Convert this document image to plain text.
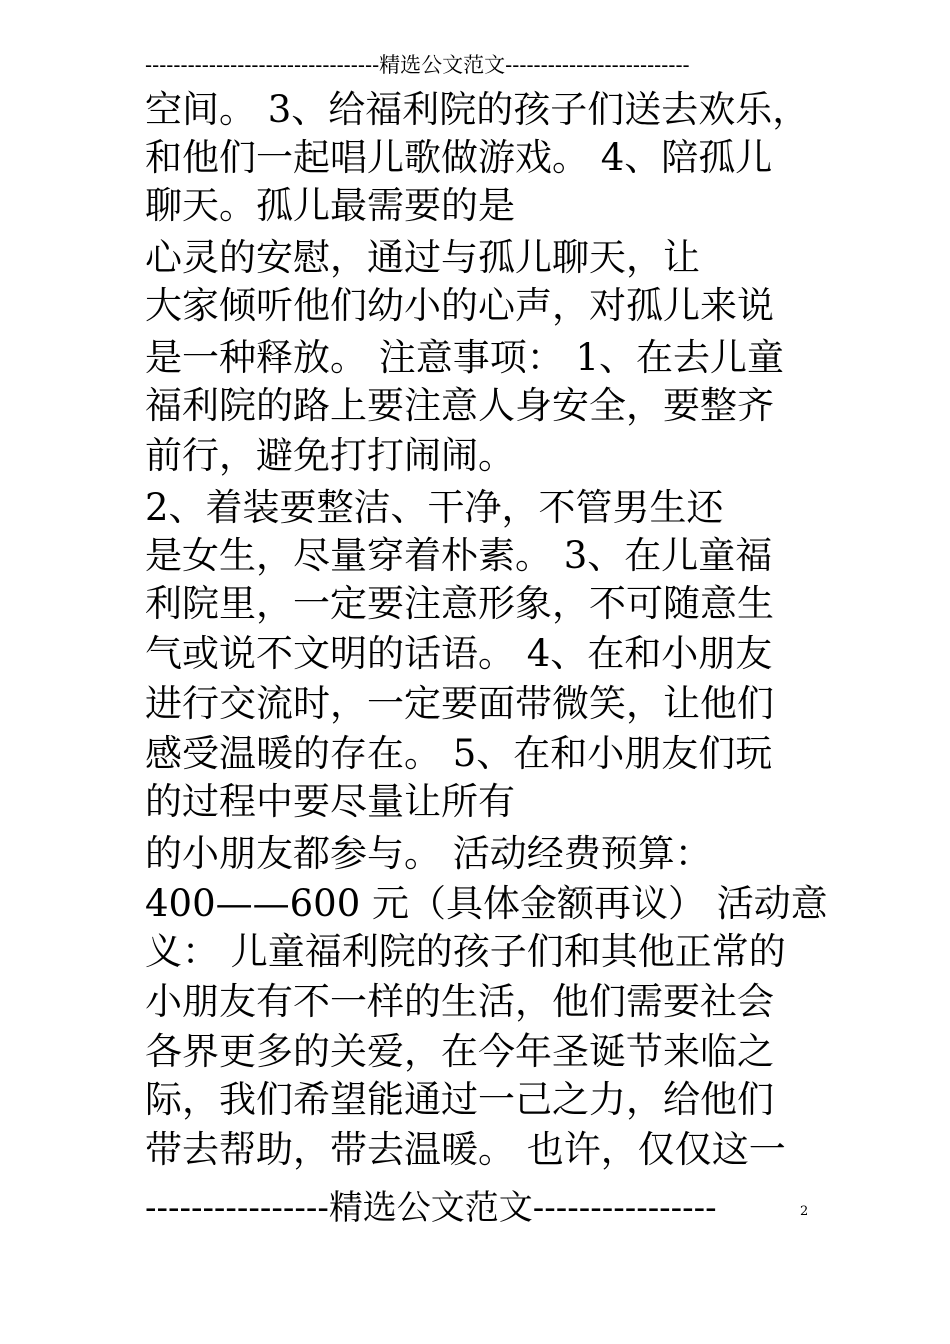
---------------------------------精选公文范文--------------------------
空间。 3、给福利院的孩子们送去欢乐，
和他们一起唱儿歌做游戏。 4、陪孤儿
聊天。孤儿最需要的是
心灵的安慰，通过与孤儿聊天，让
大家倾听他们幼小的心声，对孤儿来说
是一种释放。 注意事项： 1、在去儿童
福利院的路上要注意人身安全，要整齐
前行，避免打打闹闹。
2、着装要整洁、干净，不管男生还
是女生，尽量穿着朴素。 3、在儿童福
利院里，一定要注意形象，不可随意生
气或说不文明的话语。 4、在和小朋友
进行交流时，一定要面带微笑，让他们
感受温暖的存在。 5、在和小朋友们玩
的过程中要尽量让所有
的小朋友都参与。 活动经费预算：
400——600 元（具体金额再议） 活动意
义： 儿童福利院的孩子们和其他正常的
小朋友有不一样的生活，他们需要社会
各界更多的关爱，在今年圣诞节来临之
际，我们希望能通过一己之力，给他们
带去帮助，带去温暖。 也许，仅仅这一
----------------精选公文范文----------------	2
